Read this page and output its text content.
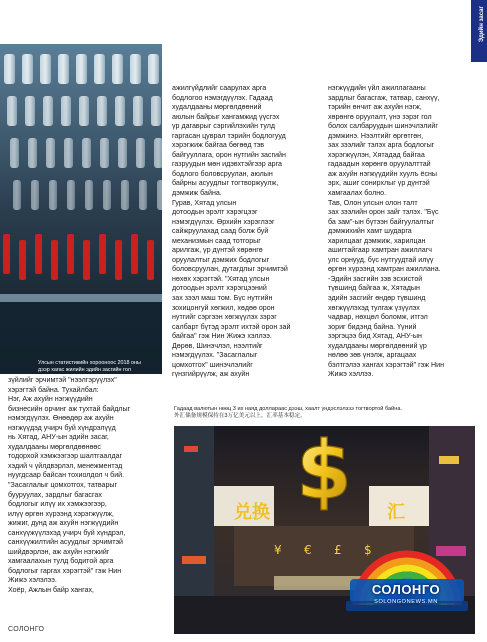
Эдийн засаг
Улсын статистикийн хорооноос 2018 оны
дээр хагас жилийн эдийн засгийн гол

зүйлийг эрчимтэй "нээлгэрүүлэх"
хэрэгтэй байна. Тухайлбал:

Нэг, Аж ахуйн нэгжүүдийн
бизнесийн орчинг аж тухтай байдлыг
нэмэгдүүлэх. Өнөөдөр аж ахуйн
нэгжүүдэд учирч буй хүндрэлүүд
нь Хятад, АНУ-ын эдийн засаг,
худалдааны мөргөлдөөнөөс
тодорхой хэмжээгээр шалтгаалдаг
хэдий ч үйлдвэрлэл, менежментэд
нуугдсаар байсан тохиолдол ч бий.
"Засаглалыг цомхотгох, татварыг
бууруулах, зардлыг багасгах
бодлогыг илүү их хэмжээгээр,
илүү өргөн хүрээнд хэрэгжүүлж,
жижиг, дунд аж ахуйн нэгжүүдийн
санхүүжүүлэхэд учирч буй хүндрэл,
санхүүжилтийн асуудлыг эрчимтэй
шийдвэрлэн, аж ахуйн нэгжийг
хамгаалахын тулд бодитой арга
бодлогыг гаргах хэрэгтэй" гэж Нин
Жижэ хэлэлээ.

Хоёр, Ажлын байр хангах,

ажилгүйдлийг саарулах арга
бодлогоо нэмэгдүүлэх. Гадаад
худалдааны мөргөлдөөний
аюлын байрыг хангамжид үүсгэх
үр дагаврыг сэргийлэхийн тулд
гаргасан цуврал тэрийн бодлогууд
хэрэгжиж байгаа бөгөөд тэв
байгууллага, орон нутгийн засгийн
газруудын мөн идэвхтэйгээр арга
бодлого боловсруулан, аюлын
байрны асуудлыг тогтворжуулж,
дэмжиж байна.

Гурав, Хятад улсын
дотоодын эрэлт хэрэгцээг
нэмэгдүүлэх. Өрхийн хэрэглээг
сайжруулахад саад болж буй
механизмын саад тотгорыг
арилгаж, үр дүнтэй хөрөнгө
оруулалтыг дэмжих бодлогыг
боловсруулан, дутагдлыг эрчимтэй
нөхөх хэрэгтэй. "Хятад улсын
дотоодын эрэлт хэрэгцээний
зах зээл маш том. Бүс нутгийн
зохицонгуй хөгжил, хөдөө орон
нутгийг сэргээн хөгжүүлэх зэрэг
салбарт бүтэд эрэлт ихтэй орон зай
байгаа" гэж Нин Жижэ хэллээ.

Дөрөв, Шинэчлэл, нээлтийг
нэмэгдүүлэх. "Засаглалыг
цомхотгох" шинэчлэлийг
гүнзгийрүүлж, аж ахуйн

нэгжүүдийн үйл ажиллагааны
зардлыг багасгаж, татвар, санхүү,
тэрийн өнчит аж ахуйн нэгж,
хөрөнгө оруулалт, үнэ зэрэг гол
болох салбаруудын шинэчлэлийг
дэмжинэ. Нээлтийг өргөтгөн,
зах зээлийг тэлэх арга бодлогыг
хэрэгжүүлэн, Хятадад байгаа
гадаадын хөрөнгө оруулалттай
аж ахуйн нэгжүүдийн хуулъ ёсны
эрх, ашиг сонирхлыг үр дүнтэй
хамгаалах болно.

Тав, Олон улсын олон талт
зах зээлийн орон зайг тэлэх. "Бүс
ба зам"-ын бүтээн байгуулалтыг
дэмжихийн хамт шударга
харилцааг дэмжиж, харилцан
ашигтайгаар хамтран ажиллагч
улс орнууд, бүс нутгуудтай илүү
өргөн хүрээнд хамтран ажиллана.

-Эдийн засгийн зэв эсхистой
түвшинд байгаа ж, Хятадын
эдийн засгийг өндөр түвшинд
хөгжүүлэхэд тулгаж үзүүлэх
чадвар, нөхцөл боломж, итгэл
зориг бидэнд байна. Үүний
зэргэцээ бид Хятад, АНУ-ын
худалдааны мөргөлдөөний үр
нөлөө зөв үнэлж, аргацаах
бэлтгэлээ хангах хэрэгтэй" гэж Нин
Жижэ хэллээ.

Гадаад валютын нөөц 3 их наяд доллараас дээш, хаалт үндэслэлзээ тогтвортой байна.
外汇储备规模保持在3万亿美元以上，汇率基本稳定。
$
兑换	汇
¥ € £ $
СОЛОНГО
СОЛОНГО
SOLONGONEWS.MN
